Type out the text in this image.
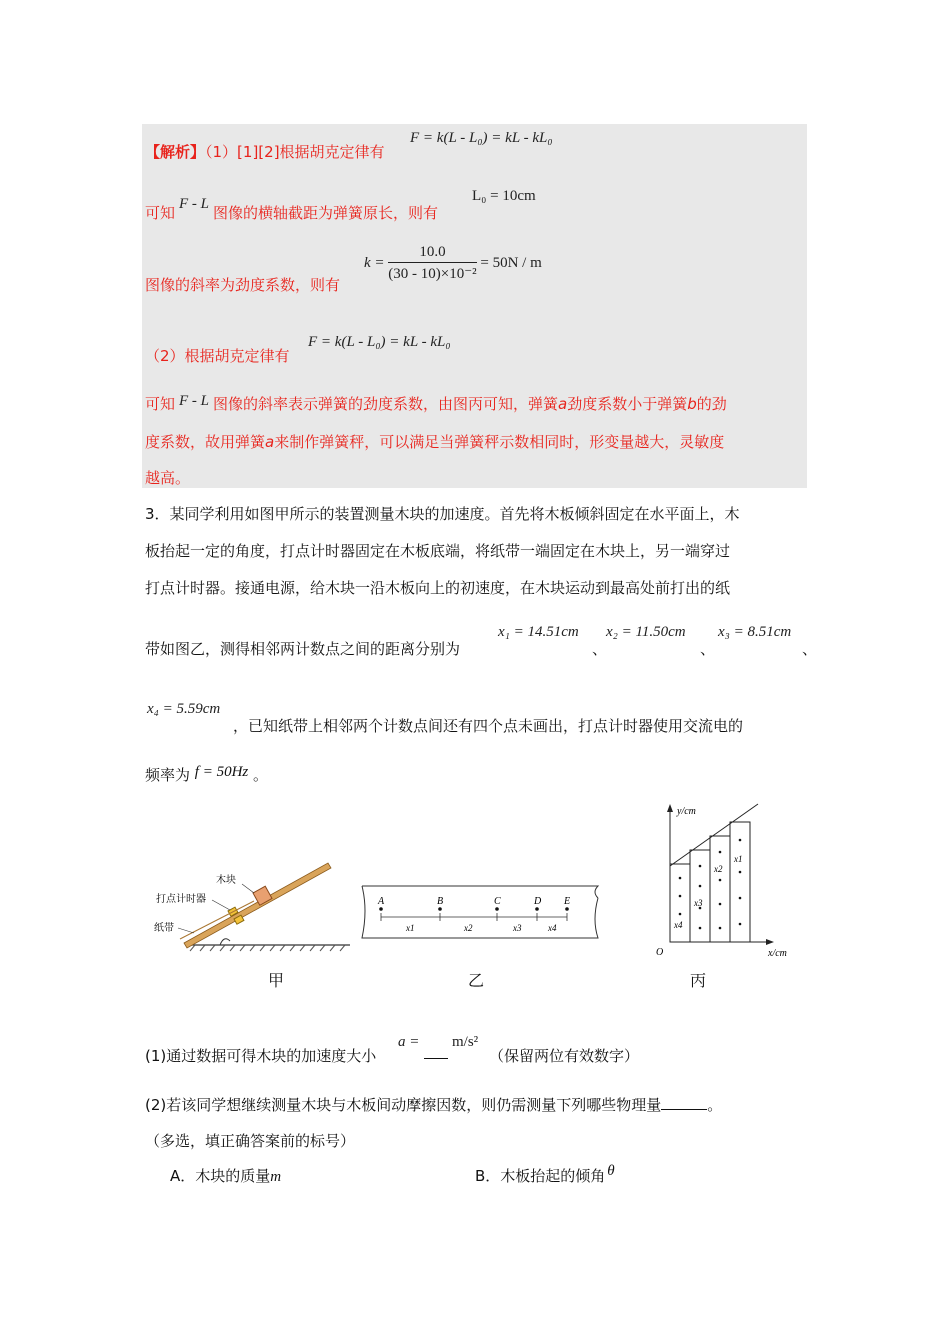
【解析】（1）[1][2]根据胡克定律有
F = k(L - L₀) = kL - kL₀
可知 F - L 图像的横轴截距为弹簧原长，则有
L₀ = 10cm
图像的斜率为劲度系数，则有
$k = \frac{10.0}{\text{(30 - 10)×10⁻²}} = 50N / m$
（2）根据胡克定律有
F = k(L - L₀) = kL - kL₀
可知 F - L 图像的斜率表示弹簧的劲度系数，由图丙可知，弹簧a劲度系数小于弹簧b的劲
度系数，故用弹簧a来制作弹簧秤，可以满足当弹簧秤示数相同时，形变量越大，灵敏度
越高。
3．某同学利用如图甲所示的装置测量木块的加速度。首先将木板倾斜固定在水平面上，木
板抬起一定的角度，打点计时器固定在木板底端，将纸带一端固定在木块上，另一端穿过
打点计时器。接通电源，给木块一沿木板向上的初速度，在木块运动到最高处前打出的纸
带如图乙，测得相邻两计数点之间的距离分别为
x₁ = 14.51cm
、
x₂ = 11.50cm
、
x₃ = 8.51cm
、
x₄ = 5.59cm
，已知纸带上相邻两个计数点间还有四个点未画出，打点计时器使用交流电的
频率为 f = 50Hz 。
木块
打点计时器
纸带
甲
A	B	C	D E
x1	x2	x3	x4
乙
y/cm
x/cm
O
x4
x3
x2
x1
丙
(1)通过数据可得木块的加速度大小
a = m/s²
（保留两位有效数字）
(2)若该同学想继续测量木块与木板间动摩擦因数，则仍需测量下列哪些物理量	。
（多选，填正确答案前的标号）
A．木块的质量m	B．木板抬起的倾角 θ
